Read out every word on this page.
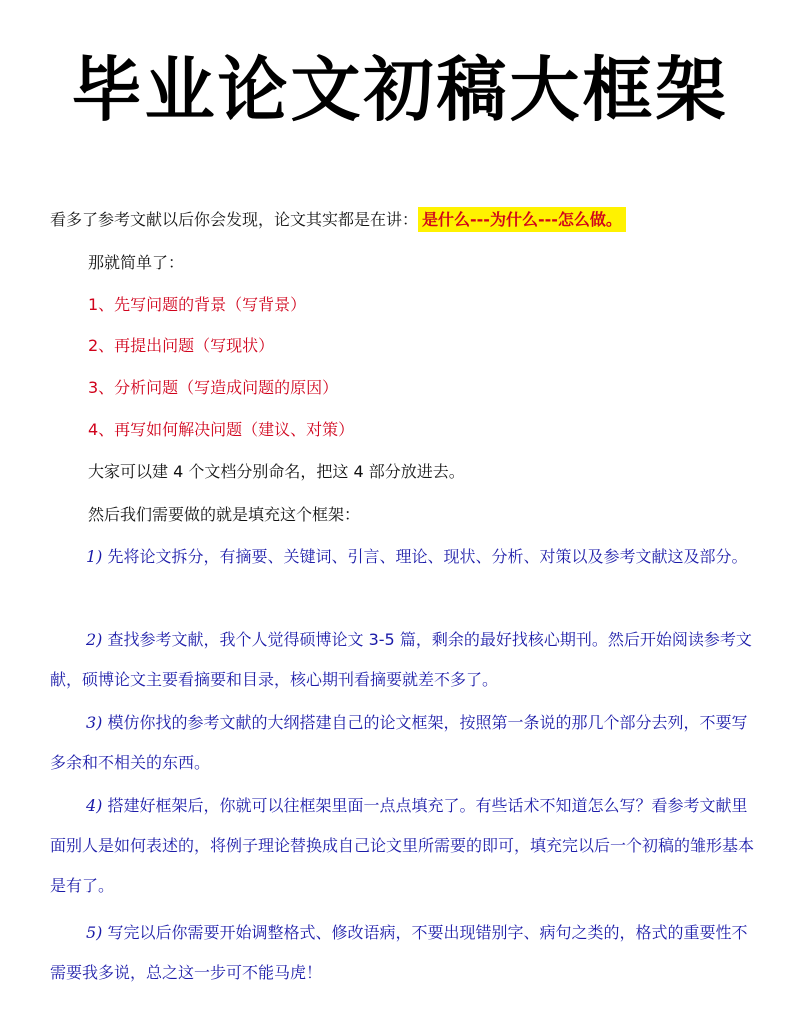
毕业论文初稿大框架
看多了参考文献以后你会发现，论文其实都是在讲： 是什么---为什么---怎么做。
那就简单了：
1、先写问题的背景（写背景）
2、再提出问题（写现状）
3、分析问题（写造成问题的原因）
4、再写如何解决问题（建议、对策）
大家可以建 4 个文档分别命名，把这 4 部分放进去。
然后我们需要做的就是填充这个框架：
1) 先将论文拆分，有摘要、关键词、引言、理论、现状、分析、对策以及参考文献这及部分。
2) 查找参考文献，我个人觉得硕博论文 3-5 篇，剩余的最好找核心期刊。然后开始阅读参考文献，硕博论文主要看摘要和目录，核心期刊看摘要就差不多了。
3) 模仿你找的参考文献的大纲搭建自己的论文框架，按照第一条说的那几个部分去列，不要写多余和不相关的东西。
4) 搭建好框架后，你就可以往框架里面一点点填充了。有些话术不知道怎么写？看参考文献里面别人是如何表述的，将例子理论替换成自己论文里所需要的即可，填充完以后一个初稿的雏形基本是有了。
5) 写完以后你需要开始调整格式、修改语病，不要出现错别字、病句之类的，格式的重要性不需要我多说，总之这一步可不能马虎！
